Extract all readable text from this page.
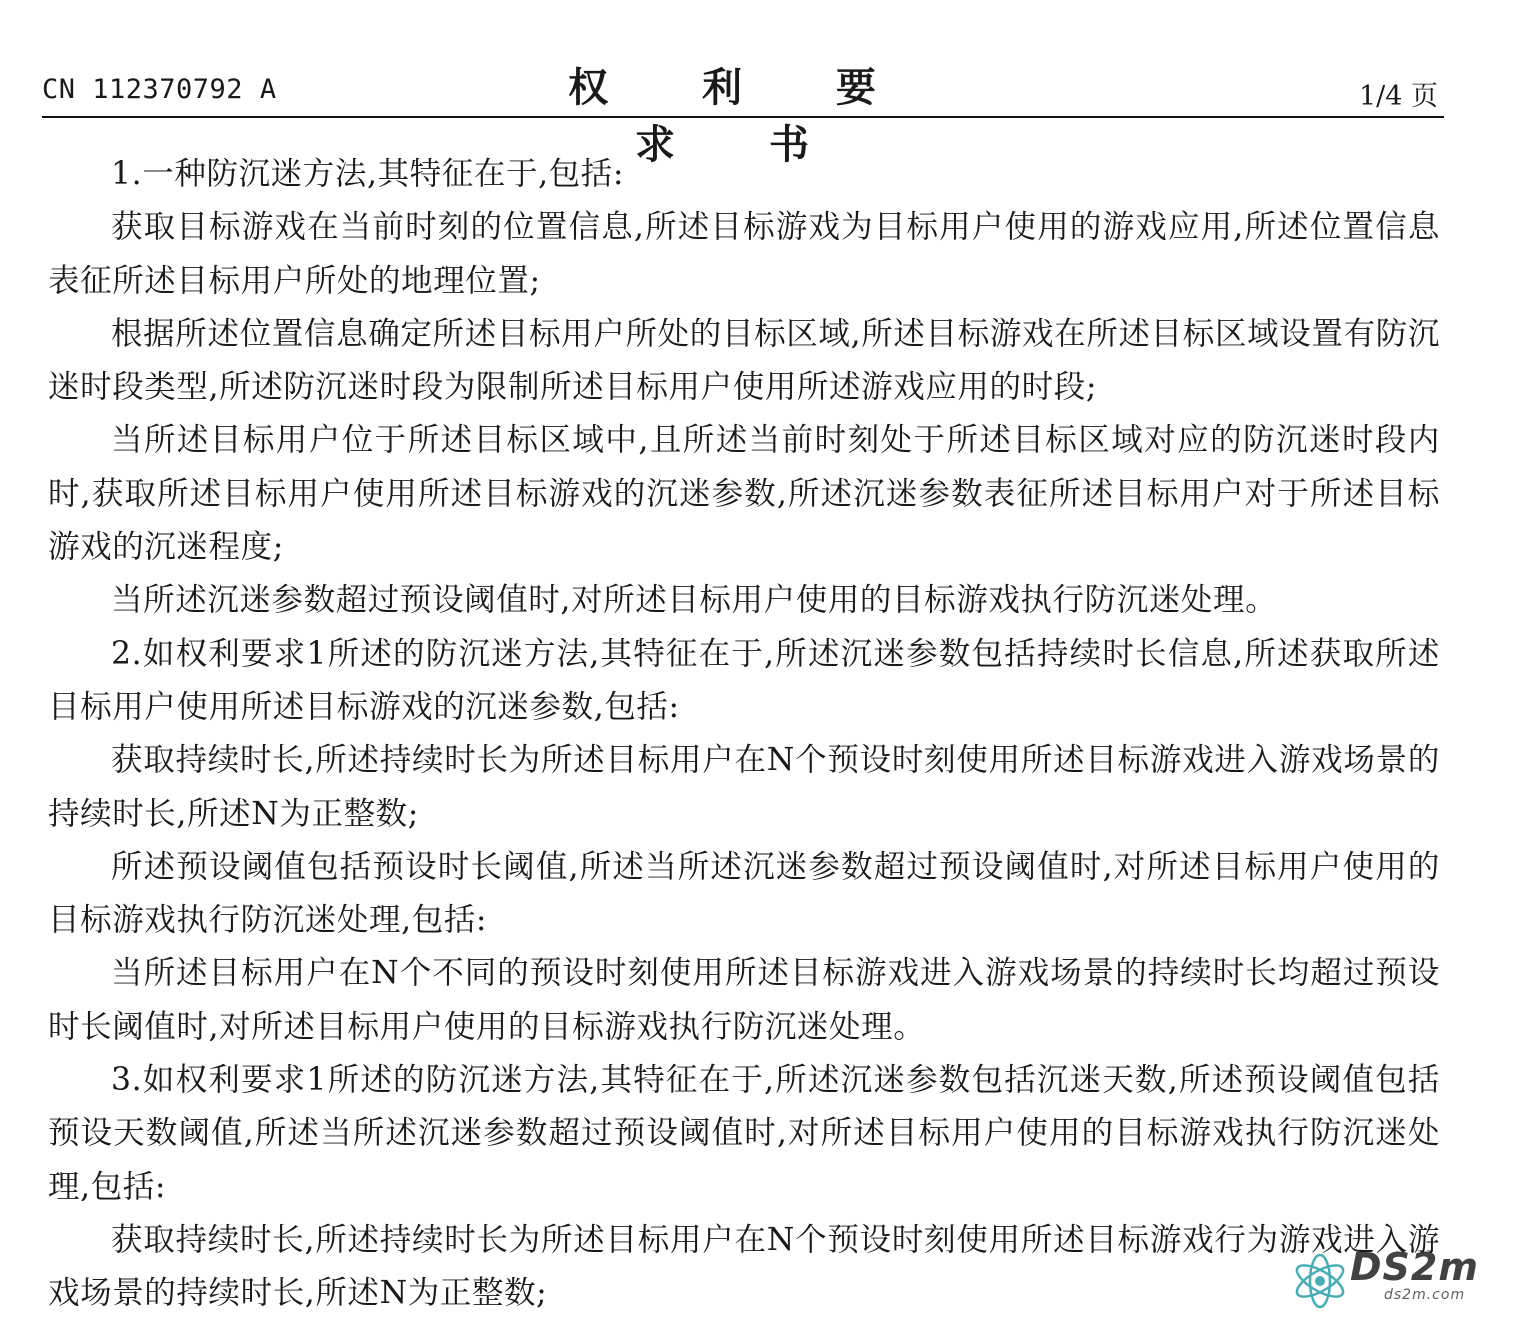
CN 112370792 A	权 利 要 求 书
1/4 页

1.一种防沉迷方法,其特征在于,包括:

获取目标游戏在当前时刻的位置信息,所述目标游戏为目标用户使用的游戏应用,所述位置信息表征所述目标用户所处的地理位置;

根据所述位置信息确定所述目标用户所处的目标区域,所述目标游戏在所述目标区域设置有防沉迷时段类型,所述防沉迷时段为限制所述目标用户使用所述游戏应用的时段;

当所述目标用户位于所述目标区域中,且所述当前时刻处于所述目标区域对应的防沉迷时段内时,获取所述目标用户使用所述目标游戏的沉迷参数,所述沉迷参数表征所述目标用户对于所述目标游戏的沉迷程度;

当所述沉迷参数超过预设阈值时,对所述目标用户使用的目标游戏执行防沉迷处理。

2.如权利要求1所述的防沉迷方法,其特征在于,所述沉迷参数包括持续时长信息,所述获取所述目标用户使用所述目标游戏的沉迷参数,包括:

获取持续时长,所述持续时长为所述目标用户在N个预设时刻使用所述目标游戏进入游戏场景的持续时长,所述N为正整数;

所述预设阈值包括预设时长阈值,所述当所述沉迷参数超过预设阈值时,对所述目标用户使用的目标游戏执行防沉迷处理,包括:

当所述目标用户在N个不同的预设时刻使用所述目标游戏进入游戏场景的持续时长均超过预设时长阈值时,对所述目标用户使用的目标游戏执行防沉迷处理。

3.如权利要求1所述的防沉迷方法,其特征在于,所述沉迷参数包括沉迷天数,所述预设阈值包括预设天数阈值,所述当所述沉迷参数超过预设阈值时,对所述目标用户使用的目标游戏执行防沉迷处理,包括:

获取持续时长,所述持续时长为所述目标用户在N个预设时刻使用所述目标游戏行为游戏进入游戏场景的持续时长,所述N为正整数;

DS2m
ds2m.com
